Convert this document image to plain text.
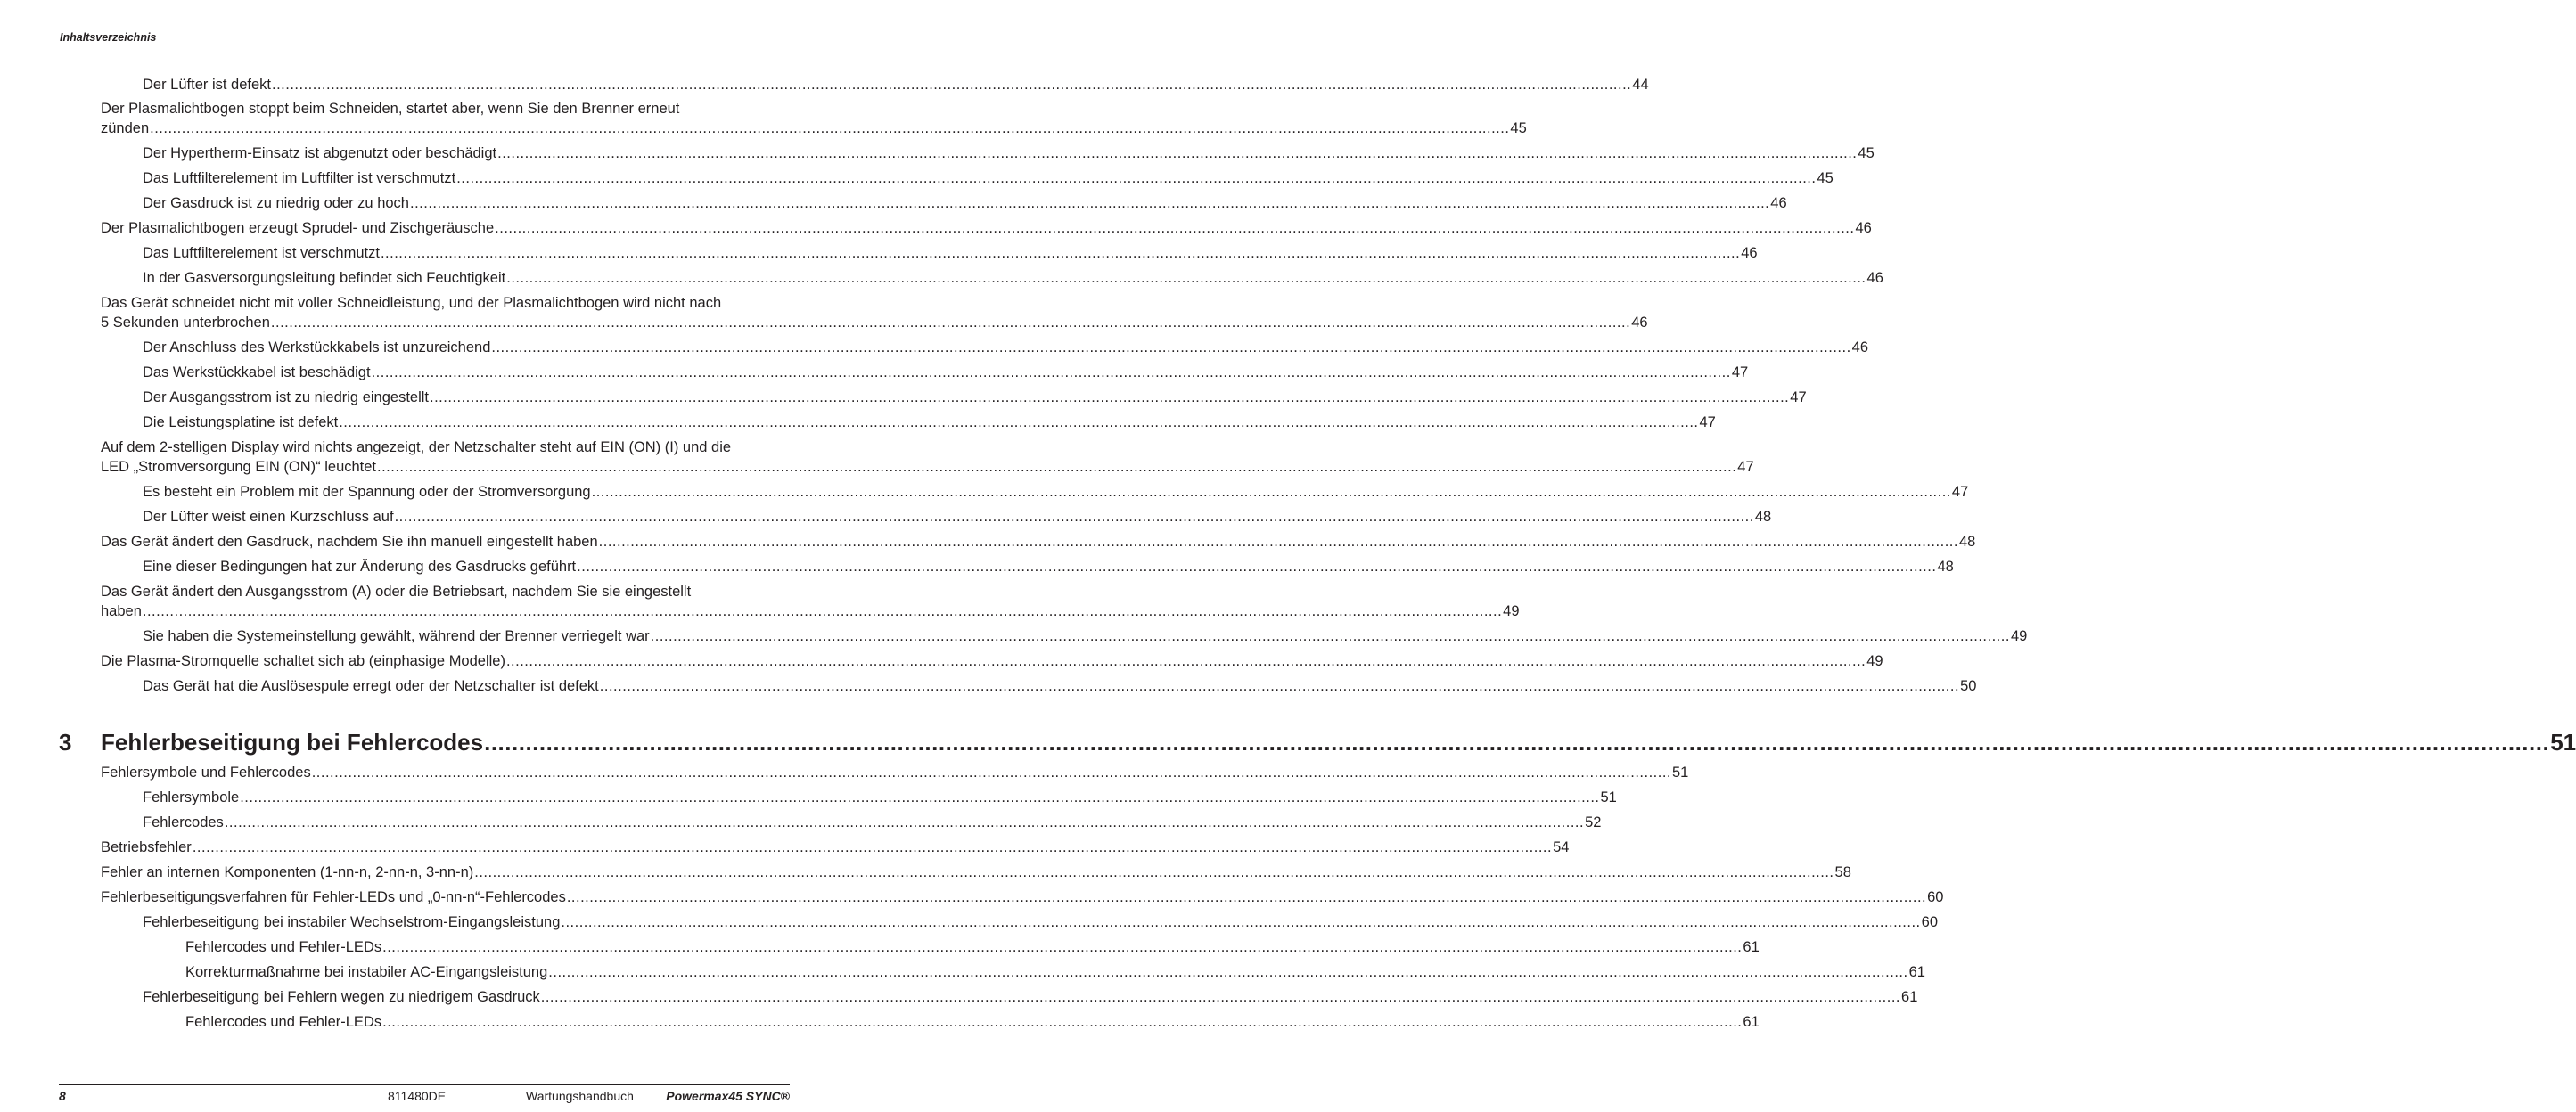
Inhaltsverzeichnis
Der Lüfter ist defekt ............................................................................................................................................................................................................................................................................................................ 44
Der Plasmalichtbogen stoppt beim Schneiden, startet aber, wenn Sie den Brenner erneut
zünden ............................................................................................................................................................................................................................................................................................................ 45
Der Hypertherm-Einsatz ist abgenutzt oder beschädigt ............................................................................................................................................................................................................................................................................................................ 45
Das Luftfilterelement im Luftfilter ist verschmutzt ............................................................................................................................................................................................................................................................................................................ 45
Der Gasdruck ist zu niedrig oder zu hoch ............................................................................................................................................................................................................................................................................................................ 46
Der Plasmalichtbogen erzeugt Sprudel- und Zischgeräusche ............................................................................................................................................................................................................................................................................................................ 46
Das Luftfilterelement ist verschmutzt ............................................................................................................................................................................................................................................................................................................ 46
In der Gasversorgungsleitung befindet sich Feuchtigkeit ............................................................................................................................................................................................................................................................................................................ 46
Das Gerät schneidet nicht mit voller Schneidleistung, und der Plasmalichtbogen wird nicht nach
5 Sekunden unterbrochen ............................................................................................................................................................................................................................................................................................................ 46
Der Anschluss des Werkstückkabels ist unzureichend ............................................................................................................................................................................................................................................................................................................ 46
Das Werkstückkabel ist beschädigt ............................................................................................................................................................................................................................................................................................................ 47
Der Ausgangsstrom ist zu niedrig eingestellt ............................................................................................................................................................................................................................................................................................................ 47
Die Leistungsplatine ist defekt ............................................................................................................................................................................................................................................................................................................ 47
Auf dem 2-stelligen Display wird nichts angezeigt, der Netzschalter steht auf EIN (ON) (I) und die
LED „Stromversorgung EIN (ON)“ leuchtet ............................................................................................................................................................................................................................................................................................................ 47
Es besteht ein Problem mit der Spannung oder der Stromversorgung ............................................................................................................................................................................................................................................................................................................ 47
Der Lüfter weist einen Kurzschluss auf ............................................................................................................................................................................................................................................................................................................ 48
Das Gerät ändert den Gasdruck, nachdem Sie ihn manuell eingestellt haben ............................................................................................................................................................................................................................................................................................................ 48
Eine dieser Bedingungen hat zur Änderung des Gasdrucks geführt ............................................................................................................................................................................................................................................................................................................ 48
Das Gerät ändert den Ausgangsstrom (A) oder die Betriebsart, nachdem Sie sie eingestellt
haben ............................................................................................................................................................................................................................................................................................................ 49
Sie haben die Systemeinstellung gewählt, während der Brenner verriegelt war ............................................................................................................................................................................................................................................................................................................ 49
Die Plasma-Stromquelle schaltet sich ab (einphasige Modelle) ............................................................................................................................................................................................................................................................................................................ 49
Das Gerät hat die Auslösespule erregt oder der Netzschalter ist defekt ............................................................................................................................................................................................................................................................................................................ 50
3 Fehlerbeseitigung bei Fehlercodes ............................................................................................................................................................................................................................................................................................................ 51
Fehlersymbole und Fehlercodes ............................................................................................................................................................................................................................................................................................................ 51
Fehlersymbole ............................................................................................................................................................................................................................................................................................................ 51
Fehlercodes ............................................................................................................................................................................................................................................................................................................ 52
Betriebsfehler ............................................................................................................................................................................................................................................................................................................ 54
Fehler an internen Komponenten (1-nn-n, 2-nn-n, 3-nn-n) ............................................................................................................................................................................................................................................................................................................ 58
Fehlerbeseitigungsverfahren für Fehler-LEDs und „0-nn-n“-Fehlercodes ............................................................................................................................................................................................................................................................................................................ 60
Fehlerbeseitigung bei instabiler Wechselstrom-Eingangsleistung ............................................................................................................................................................................................................................................................................................................ 60
Fehlercodes und Fehler-LEDs ............................................................................................................................................................................................................................................................................................................ 61
Korrekturmaßnahme bei instabiler AC-Eingangsleistung ............................................................................................................................................................................................................................................................................................................ 61
Fehlerbeseitigung bei Fehlern wegen zu niedrigem Gasdruck ............................................................................................................................................................................................................................................................................................................ 61
Fehlercodes und Fehler-LEDs ............................................................................................................................................................................................................................................................................................................ 61
8	811480DE	Wartungshandbuch	Powermax45 SYNC®
